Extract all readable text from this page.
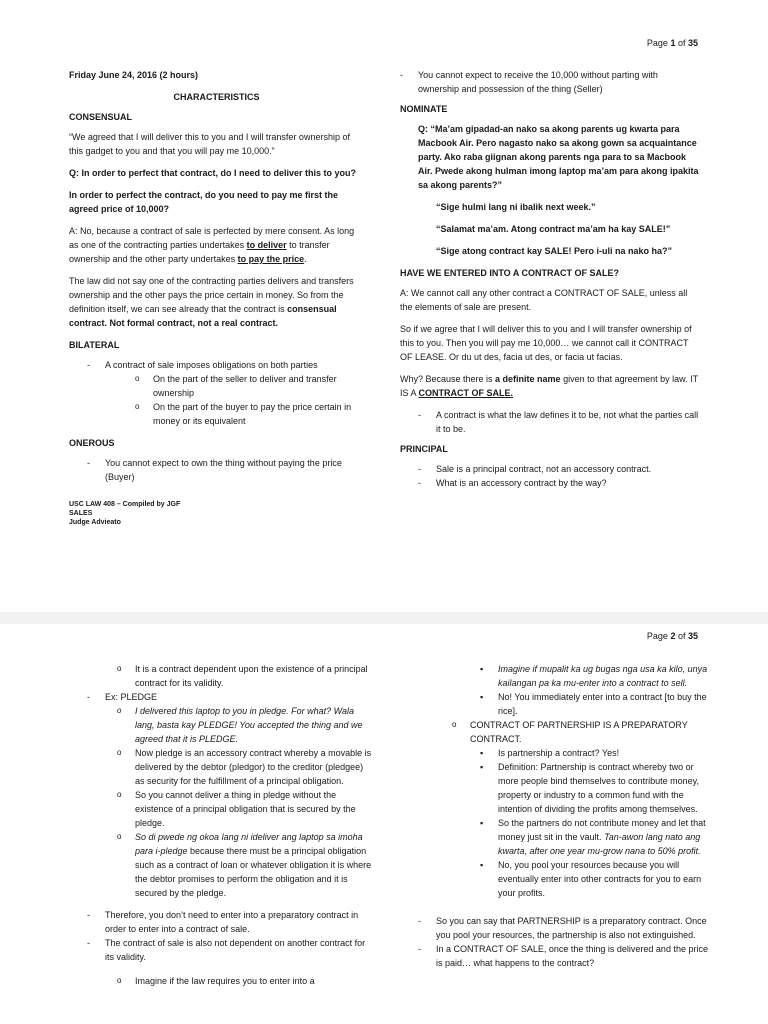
Page 1 of 35

Friday June 24, 2016 (2 hours)

CHARACTERISTICS

CONSENSUAL

“We agreed that I will deliver this to you and I will transfer ownership of this gadget to you and that you will pay me 10,000.”

Q: In order to perfect that contract, do I need to deliver this to you?

In order to perfect the contract, do you need to pay me first the agreed price of 10,000?

A: No, because a contract of sale is perfected by mere consent. As long as one of the contracting parties undertakes to deliver to transfer ownership and the other party undertakes to pay the price.

The law did not say one of the contracting parties delivers and transfers ownership and the other pays the price certain in money. So from the definition itself, we can see already that the contract is consensual contract. Not formal contract, not a real contract.

BILATERAL

- A contract of sale imposes obligations on both parties
o On the part of the seller to deliver and transfer ownership
o On the part of the buyer to pay the price certain in money or its equivalent

ONEROUS

- You cannot expect to own the thing without paying the price (Buyer)
USC LAW 408 – Compiled by JGF
SALES
Judge Advieato
- You cannot expect to receive the 10,000 without parting with ownership and possession of the thing (Seller)

NOMINATE

Q: “Ma’am gipadad-an nako sa akong parents ug kwarta para Macbook Air. Pero nagasto nako sa akong gown sa acquaintance party. Ako raba giignan akong parents nga para to sa Macbook Air. Pwede akong hulman imong laptop ma’am para akong ipakita sa akong parents?”

“Sige hulmi lang ni ibalik next week.”

“Salamat ma’am. Atong contract ma’am ha kay SALE!”

“Sige atong contract kay SALE! Pero i-uli na nako ha?”

HAVE WE ENTERED INTO A CONTRACT OF SALE?

A: We cannot call any other contract a CONTRACT OF SALE, unless all the elements of sale are present.

So if we agree that I will deliver this to you and I will transfer ownership of this to you. Then you will pay me 10,000… we cannot call it CONTRACT OF LEASE. Or du ut des, facia ut des, or facia ut facias.

Why? Because there is a definite name given to that agreement by law. IT IS A CONTRACT OF SALE.

- A contract is what the law defines it to be, not what the parties call it to be.

PRINCIPAL

- Sale is a principal contract, not an accessory contract.
- What is an accessory contract by the way?
Page 2 of 35
o It is a contract dependent upon the existence of a principal contract for its validity.
- Ex: PLEDGE
o I delivered this laptop to you in pledge. For what? Wala lang, basta kay PLEDGE! You accepted the thing and we agreed that it is PLEDGE.
o Now pledge is an accessory contract whereby a movable is delivered by the debtor (pledgor) to the creditor (pledgee) as security for the fulfillment of a principal obligation.
o So you cannot deliver a thing in pledge without the existence of a principal obligation that is secured by the pledge.
o So di pwede ng okoa lang ni ideliver ang laptop sa imoha para i-pledge because there must be a principal obligation such as a contract of loan or whatever obligation it is where the debtor promises to perform the obligation and it is secured by the pledge.
- Therefore, you don’t need to enter into a preparatory contract in order to enter into a contract of sale.
- The contract of sale is also not dependent on another contract for its validity.
o Imagine if the law requires you to enter into a
▪ Imagine if mupalit ka ug bugas nga usa ka kilo, unya kailangan pa ka mu-enter into a contract to sell.
▪ No! You immediately enter into a contract [to buy the rice].
o CONTRACT OF PARTNERSHIP IS A PREPARATORY CONTRACT.
▪ Is partnership a contract? Yes!
▪ Definition: Partnership is contract whereby two or more people bind themselves to contribute money, property or industry to a common fund with the intention of dividing the profits among themselves.
▪ So the partners do not contribute money and let that money just sit in the vault. Tan-awon lang nato ang kwarta, after one year mu-grow nana to 50% profit.
▪ No, you pool your resources because you will eventually enter into other contracts for you to earn your profits.
- So you can say that PARTNERSHIP is a preparatory contract. Once you pool your resources, the partnership is also not extinguished.
- In a CONTRACT OF SALE, once the thing is delivered and the price is paid… what happens to the contract?
